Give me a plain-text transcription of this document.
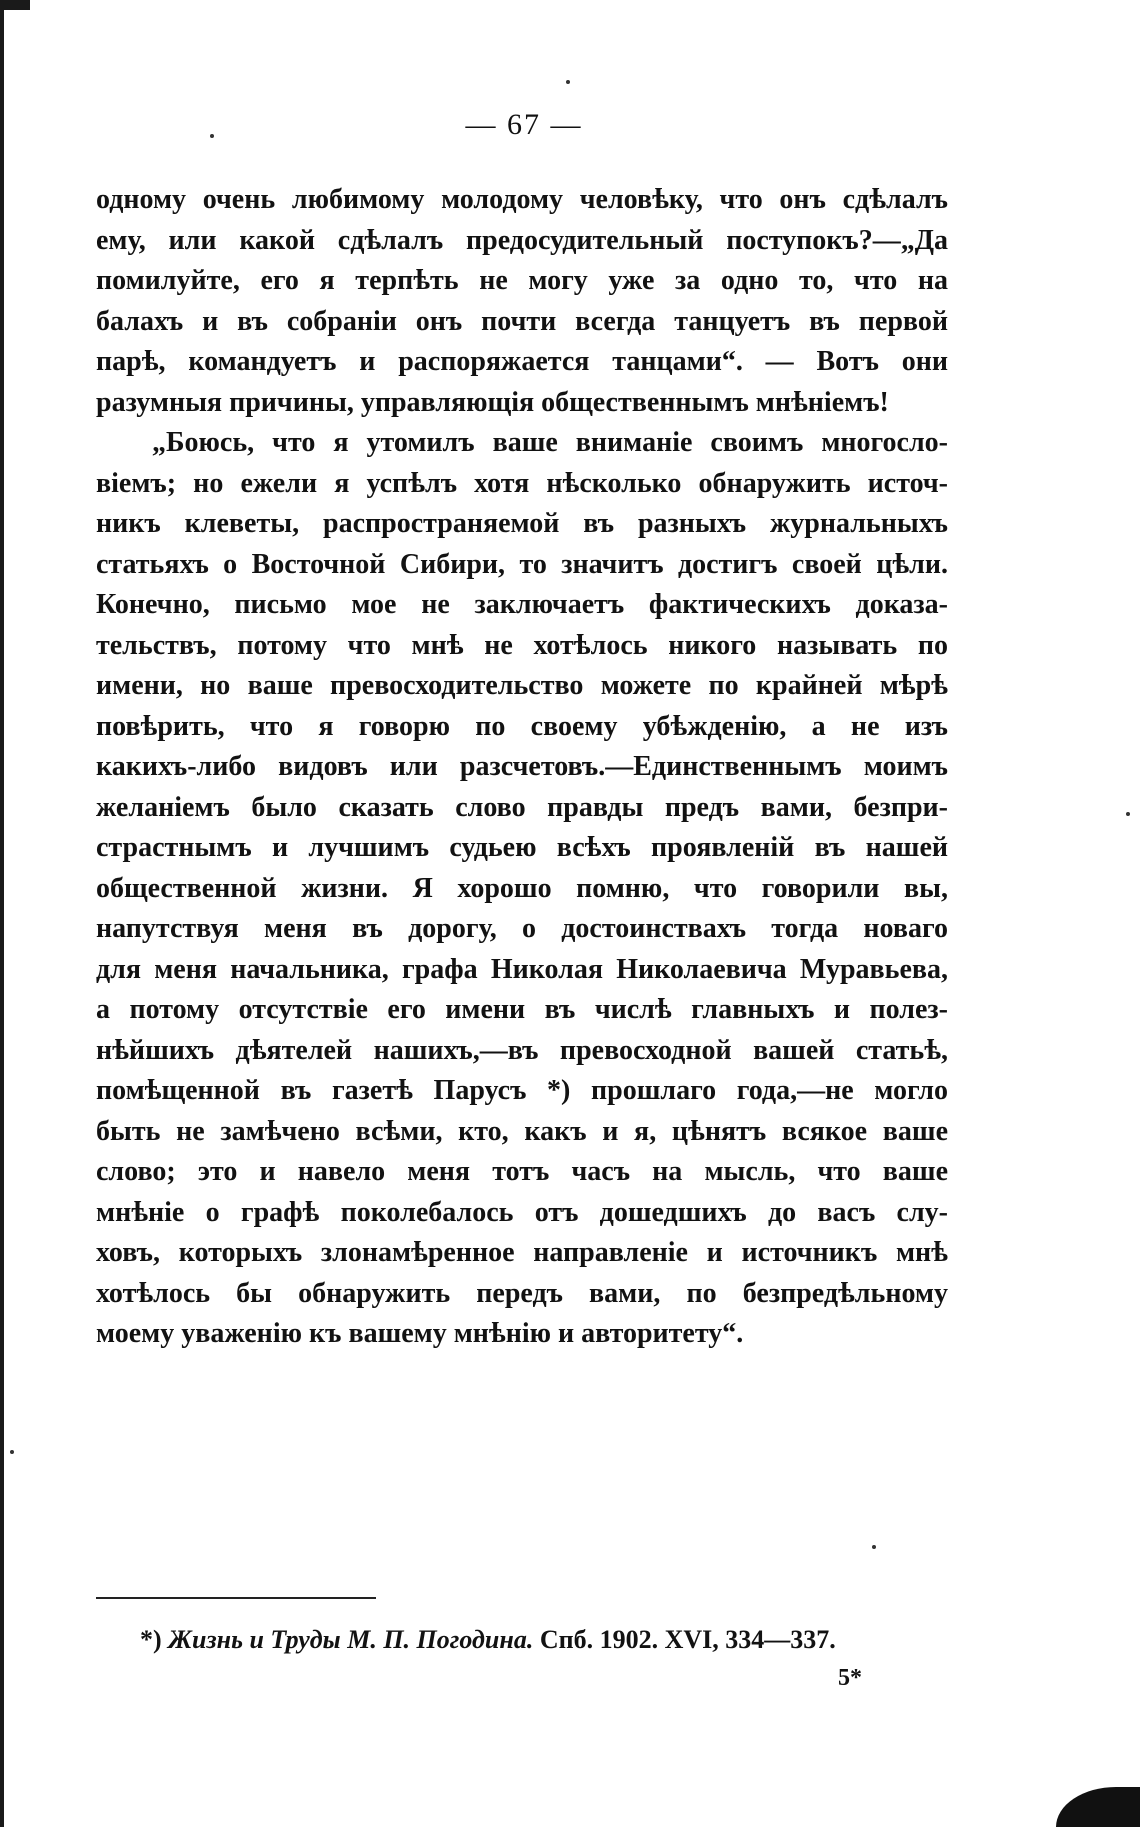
— 67 —
одному очень любимому молодому человѣку, что онъ сдѣлалъ
ему, или какой сдѣлалъ предосудительный поступокъ?—„Да
помилуйте, его я терпѣть не могу уже за одно то, что на
балахъ и въ собраніи онъ почти всегда танцуетъ въ первой
парѣ, командуетъ и распоряжается танцами“. — Вотъ они
разумныя причины, управляющія общественнымъ мнѣніемъ!
„Боюсь, что я утомилъ ваше вниманіе своимъ многосло-
віемъ; но ежели я успѣлъ хотя нѣсколько обнаружить источ-
никъ клеветы, распространяемой въ разныхъ журнальныхъ
статьяхъ о Восточной Сибири, то значитъ достигъ своей цѣли.
Конечно, письмо мое не заключаетъ фактическихъ доказа-
тельствъ, потому что мнѣ не хотѣлось никого называть по
имени, но ваше превосходительство можете по крайней мѣрѣ
повѣрить, что я говорю по своему убѣжденію, а не изъ
какихъ-либо видовъ или разсчетовъ.—Единственнымъ моимъ
желаніемъ было сказать слово правды предъ вами, безпри-
страстнымъ и лучшимъ судьею всѣхъ проявленій въ нашей
общественной жизни. Я хорошо помню, что говорили вы,
напутствуя меня въ дорогу, о достоинствахъ тогда новаго
для меня начальника, графа Николая Николаевича Муравьева,
а потому отсутствіе его имени въ числѣ главныхъ и полез-
нѣйшихъ дѣятелей нашихъ,—въ превосходной вашей статьѣ,
помѣщенной въ газетѣ Парусъ *) прошлаго года,—не могло
быть не замѣчено всѣми, кто, какъ и я, цѣнятъ всякое ваше
слово; это и навело меня тотъ часъ на мысль, что ваше
мнѣніе о графѣ поколебалось отъ дошедшихъ до васъ слу-
ховъ, которыхъ злонамѣренное направленіе и источникъ мнѣ
хотѣлось бы обнаружить передъ вами, по безпредѣльному
моему уваженію къ вашему мнѣнію и авторитету“.
*) Жизнь и Труды М. П. Погодина. Спб. 1902. XVI, 334—337.
5*
